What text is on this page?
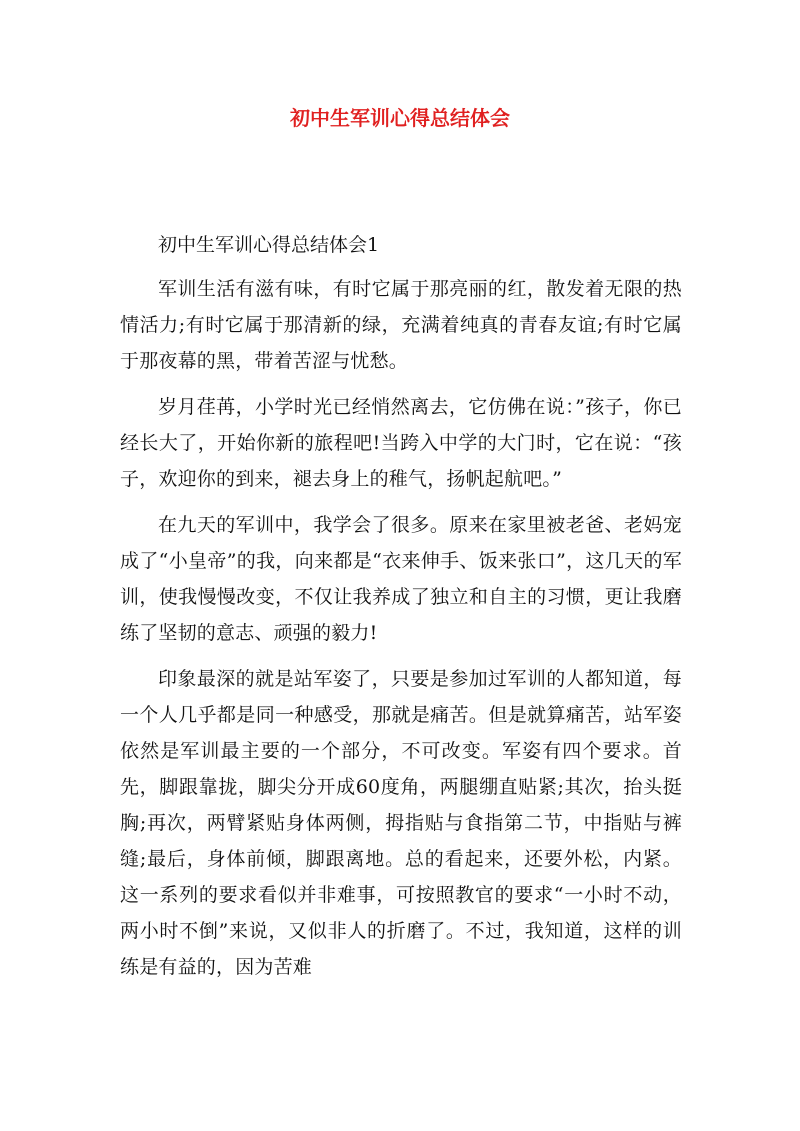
初中生军训心得总结体会

初中生军训心得总结体会1

军训生活有滋有味，有时它属于那亮丽的红，散发着无限的热情活力;有时它属于那清新的绿，充满着纯真的青春友谊;有时它属于那夜幕的黑，带着苦涩与忧愁。

岁月荏苒，小学时光已经悄然离去，它仿佛在说：”孩子，你已经长大了，开始你新的旅程吧!当跨入中学的大门时，它在说：“孩子，欢迎你的到来，褪去身上的稚气，扬帆起航吧。”

在九天的军训中，我学会了很多。原来在家里被老爸、老妈宠成了“小皇帝”的我，向来都是“衣来伸手、饭来张口”，这几天的军训，使我慢慢改变，不仅让我养成了独立和自主的习惯，更让我磨练了坚韧的意志、顽强的毅力!

印象最深的就是站军姿了，只要是参加过军训的人都知道，每一个人几乎都是同一种感受，那就是痛苦。但是就算痛苦，站军姿依然是军训最主要的一个部分，不可改变。军姿有四个要求。首先，脚跟靠拢，脚尖分开成60度角，两腿绷直贴紧;其次，抬头挺胸;再次，两臂紧贴身体两侧，拇指贴与食指第二节，中指贴与裤缝;最后，身体前倾，脚跟离地。总的看起来，还要外松，内紧。这一系列的要求看似并非难事，可按照教官的要求“一小时不动，两小时不倒”来说，又似非人的折磨了。不过，我知道，这样的训练是有益的，因为苦难
